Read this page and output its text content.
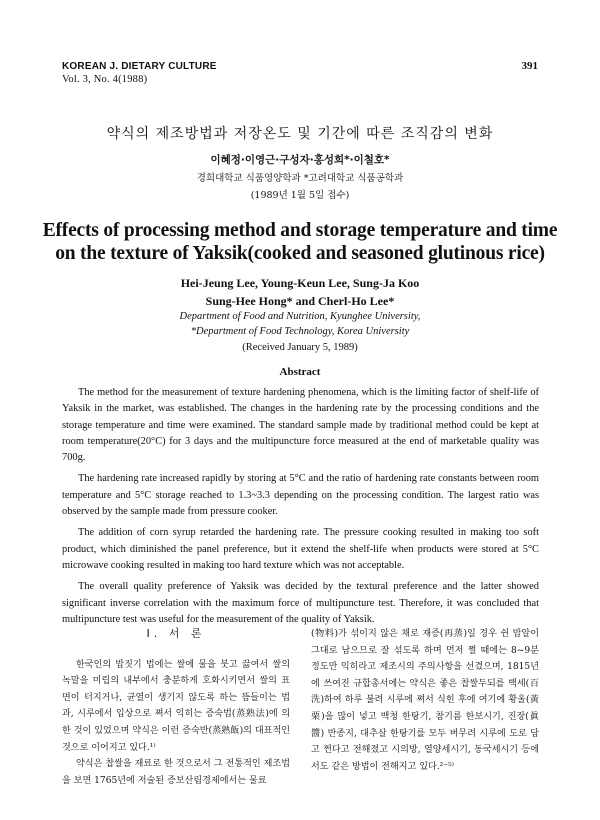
KOREAN J. DIETARY CULTURE
Vol. 3, No. 4(1988)
391
약식의 제조방법과 저장온도 및 기간에 따른 조직감의 변화
이혜정·이영근·구성자·홍성희*·이철호*
경희대학교 식품영양학과 *고려대학교 식품공학과
(1989년 1월 5일 접수)
Effects of processing method and storage temperature and time
on the texture of Yaksik(cooked and seasoned glutinous rice)
Hei-Jeung Lee, Young-Keun Lee, Sung-Ja Koo
Sung-Hee Hong* and Cherl-Ho Lee*
Department of Food and Nutrition, Kyunghee University,
*Department of Food Technology, Korea University
(Received January 5, 1989)
Abstract

The method for the measurement of texture hardening phenomena, which is the limiting factor of shelf-life of Yaksik in the market, was established. The changes in the hardening rate by the processing conditions and the storage temperature and time were examined. The standard sample made by traditional method could be kept at room temperature(20°C) for 3 days and the multipuncture force measured at the end of marketable quality was 700g.

The hardening rate increased rapidly by storing at 5°C and the ratio of hardening rate constants between room temperature and 5°C storage reached to 1.3~3.3 depending on the processing condition. The largest ratio was observed by the sample made from pressure cooker.

The addition of corn syrup retarded the hardening rate. The pressure cooking resulted in making too soft product, which diminished the panel preference, but it extend the shelf-life when products were stored at 5°C microwave cooking resulted in making too hard texture which was not acceptable.

The overall quality preference of Yaksik was decided by the textural preference and the latter showed significant inverse correlation with the maximum force of multipuncture test. Therefore, it was concluded that multipuncture test was useful for the measurement of the quality of Yaksik.

Ⅰ. 서 론

한국인의 밥짓기 법에는 쌀에 물을 붓고 끓여서 쌀의 녹말을 미립의 내부에서 충분하게 호화시키면서 쌀의 표면이 터지거나, 균열이 생기지 않도록 하는 뜸들이는 법과, 시루에서 입상으로 쪄서 익히는 증숙법(蒸熟法)에 의한 것이 있었으며 약식은 이런 증숙반(蒸熟飯)의 대표적인 것으로 이어지고 있다.¹⁾

약식은 찹쌀을 재료로 한 것으로서 그 전통적인 제조법을 보면 1765년에 저술된 증보산림경제에서는 물료

(物料)가 섞이지 않은 채로 재증(再蒸)일 경우 쉰 밥알이 그대로 남으므로 잘 섞도록 하며 먼저 쩔 때에는 8~9분 정도만 익히라고 제조시의 주의사항을 선겼으며, 1815년에 쓰여진 규합총서에는 약식은 좋은 찹쌀두되를 백세(百洗)하여 하루 불려 시루에 쪄서 식힌 후에 여기에 황울(黃栗)을 많이 넣고 백청 한탕기, 참기름 한보시기, 진장(眞醬) 반종지, 대추살 한탕기를 모두 버무려 시루에 도로 담고 쩐다고 전해졌고 시의방, 열양세시기, 동국세시기 등에서도 같은 방법이 전해지고 있다.²⁻⁵⁾
